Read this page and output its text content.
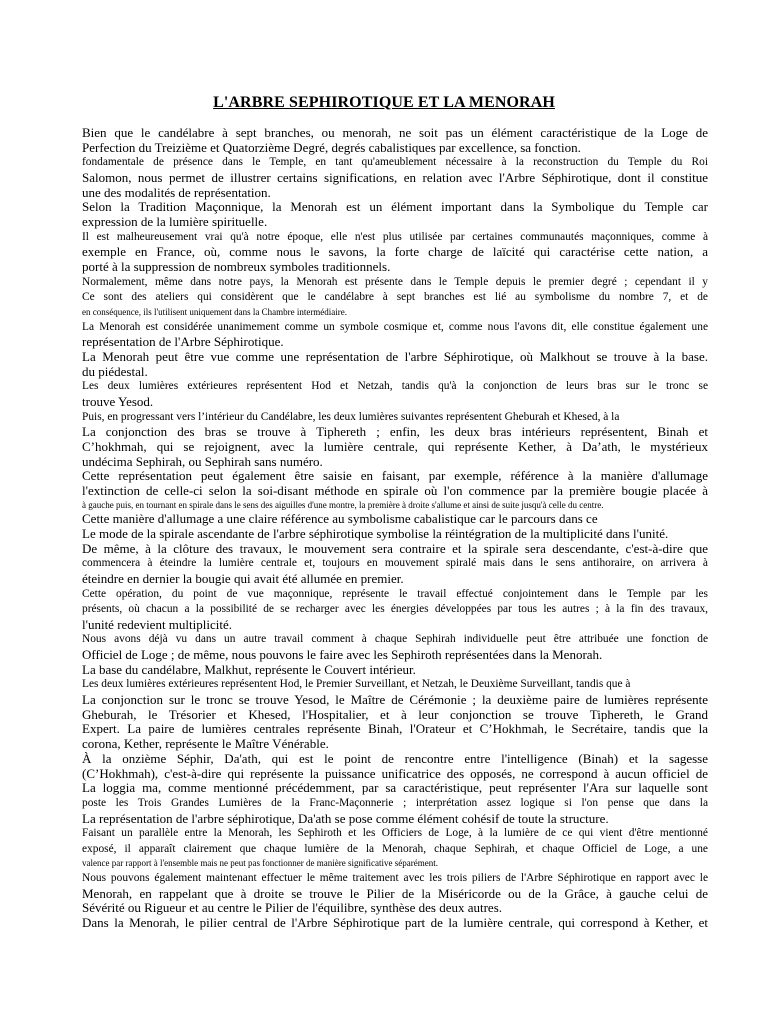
L'ARBRE SEPHIROTIQUE ET LA MENORAH
Bien que le candélabre à sept branches, ou menorah, ne soit pas un élément caractéristique de la Loge de
Perfection du Treizième et Quatorzième Degré, degrés cabalistiques par excellence, sa fonction.
fondamentale de présence dans le Temple, en tant qu'ameublement nécessaire à la reconstruction du Temple du Roi
Salomon, nous permet de illustrer certains significations, en relation avec l'Arbre Séphirotique, dont il constitue
une des modalités de représentation.
Selon la Tradition Maçonnique, la Menorah est un élément important dans la Symbolique du Temple car
expression de la lumière spirituelle.
Il est malheureusement vrai qu'à notre époque, elle n'est plus utilisée par certaines communautés maçonniques, comme à
exemple en France, où, comme nous le savons, la forte charge de laïcité qui caractérise cette nation, a
porté à la suppression de nombreux symboles traditionnels.
Normalement, même dans notre pays, la Menorah est présente dans le Temple depuis le premier degré ; cependant il y
Ce sont des ateliers qui considèrent que le candélabre à sept branches est lié au symbolisme du nombre 7, et de
en conséquence, ils l'utilisent uniquement dans la Chambre intermédiaire.
La Menorah est considérée unanimement comme un symbole cosmique et, comme nous l'avons dit, elle constitue également une
représentation de l'Arbre Séphirotique.
La Menorah peut être vue comme une représentation de l'arbre Séphirotique, où Malkhout se trouve à la base.
du piédestal.
Les deux lumières extérieures représentent Hod et Netzah, tandis qu'à la conjonction de leurs bras sur le tronc se
trouve Yesod.
Puis, en progressant vers l’intérieur du Candélabre, les deux lumières suivantes représentent Gheburah et Khesed, à la
La conjonction des bras se trouve à Tiphereth ; enfin, les deux bras intérieurs représentent, Binah et
C’hokhmah, qui se rejoignent, avec la lumière centrale, qui représente Kether, à Da’ath, le mystérieux
undécima Sephirah, ou Sephirah sans numéro.
Cette représentation peut également être saisie en faisant, par exemple, référence à la manière d'allumage
l'extinction de celle-ci selon la soi-disant méthode en spirale où l'on commence par la première bougie placée à
à gauche puis, en tournant en spirale dans le sens des aiguilles d'une montre, la première à droite s'allume et ainsi de suite jusqu'à celle du centre.
Cette manière d'allumage a une claire référence au symbolisme cabalistique car le parcours dans ce
Le mode de la spirale ascendante de l'arbre séphirotique symbolise la réintégration de la multiplicité dans l'unité.
De même, à la clôture des travaux, le mouvement sera contraire et la spirale sera descendante, c'est-à-dire que
commencera à éteindre la lumière centrale et, toujours en mouvement spiralé mais dans le sens antihoraire, on arrivera à
éteindre en dernier la bougie qui avait été allumée en premier.
Cette opération, du point de vue maçonnique, représente le travail effectué conjointement dans le Temple par les
présents, où chacun a la possibilité de se recharger avec les énergies développées par tous les autres ; à la fin des travaux,
l'unité redevient multiplicité.
Nous avons déjà vu dans un autre travail comment à chaque Sephirah individuelle peut être attribuée une fonction de
Officiel de Loge ; de même, nous pouvons le faire avec les Sephiroth représentées dans la Menorah.
La base du candélabre, Malkhut, représente le Couvert intérieur.
Les deux lumières extérieures représentent Hod, le Premier Surveillant, et Netzah, le Deuxième Surveillant, tandis que à
La conjonction sur le tronc se trouve Yesod, le Maître de Cérémonie ; la deuxième paire de lumières représente
Gheburah, le Trésorier et Khesed, l'Hospitalier, et à leur conjonction se trouve Tiphereth, le Grand
Expert. La paire de lumières centrales représente Binah, l'Orateur et C’Hokhmah, le Secrétaire, tandis que la
corona, Kether, représente le Maître Vénérable.
À la onzième Séphir, Da'ath, qui est le point de rencontre entre l'intelligence (Binah) et la sagesse
(C’Hokhmah), c'est-à-dire qui représente la puissance unificatrice des opposés, ne correspond à aucun officiel de
La loggia ma, comme mentionné précédemment, par sa caractéristique, peut représenter l'Ara sur laquelle sont
poste les Trois Grandes Lumières de la Franc-Maçonnerie ; interprétation assez logique si l'on pense que dans la
La représentation de l'arbre séphirotique, Da'ath se pose comme élément cohésif de toute la structure.
Faisant un parallèle entre la Menorah, les Sephiroth et les Officiers de Loge, à la lumière de ce qui vient d'être mentionné
exposé, il apparaît clairement que chaque lumière de la Menorah, chaque Sephirah, et chaque Officiel de Loge, a une
valence par rapport à l'ensemble mais ne peut pas fonctionner de manière significative séparément.
Nous pouvons également maintenant effectuer le même traitement avec les trois piliers de l'Arbre Séphirotique en rapport avec le
Menorah, en rappelant que à droite se trouve le Pilier de la Miséricorde ou de la Grâce, à gauche celui de
Sévérité ou Rigueur et au centre le Pilier de l'équilibre, synthèse des deux autres.
Dans la Menorah, le pilier central de l'Arbre Séphirotique part de la lumière centrale, qui correspond à Kether, et
